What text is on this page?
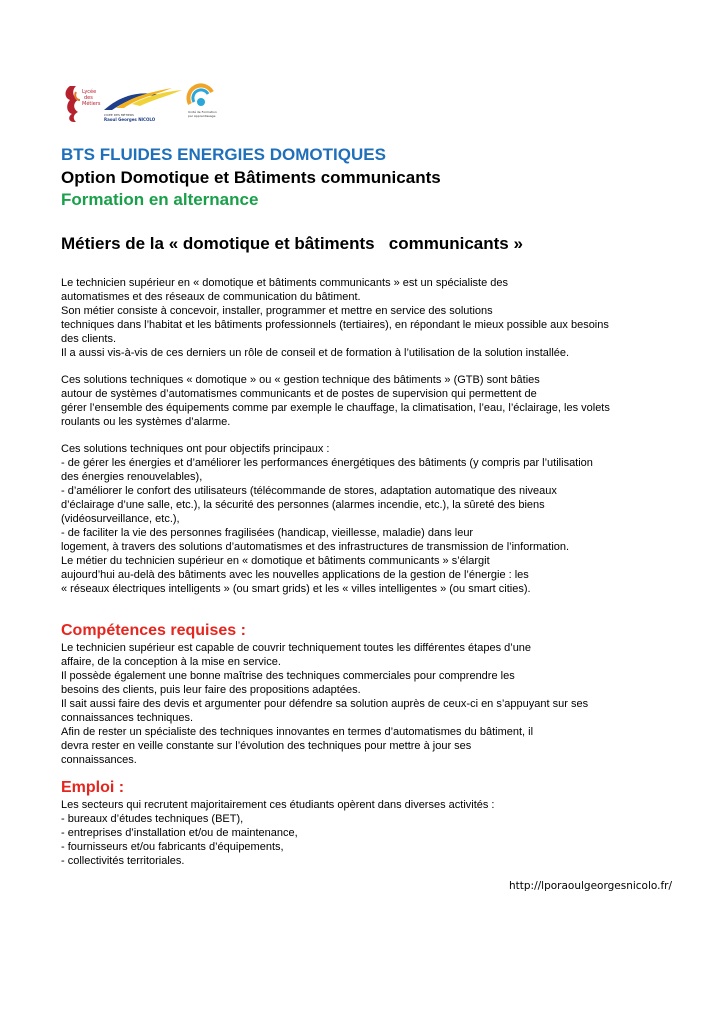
Lycée
des
Métiers
LYCÉE DES MÉTIERS
Raoul Georges NICOLO
Unité de Formation
par Apprentissage
BTS FLUIDES ENERGIES DOMOTIQUES
Option Domotique et Bâtiments communicants
Formation en alternance
Métiers de la « domotique et bâtiments   communicants »
Le technicien supérieur en « domotique et bâtiments communicants » est un spécialiste des
automatismes et des réseaux de communication du bâtiment.
Son métier consiste à concevoir, installer, programmer et mettre en service des solutions
techniques dans l’habitat et les bâtiments professionnels (tertiaires), en répondant le mieux possible aux besoins
des clients.
Il a aussi vis-à-vis de ces derniers un rôle de conseil et de formation à l’utilisation de la solution installée.
Ces solutions techniques « domotique » ou « gestion technique des bâtiments » (GTB) sont bâties
autour de systèmes d’automatismes communicants et de postes de supervision qui permettent de
gérer l’ensemble des équipements comme par exemple le chauffage, la climatisation, l’eau, l’éclairage, les volets
roulants ou les systèmes d’alarme.
Ces solutions techniques ont pour objectifs principaux :
- de gérer les énergies et d’améliorer les performances énergétiques des bâtiments (y compris par l’utilisation
des énergies renouvelables),
- d’améliorer le confort des utilisateurs (télécommande de stores, adaptation automatique des niveaux
d’éclairage d’une salle, etc.), la sécurité des personnes (alarmes incendie, etc.), la sûreté des biens
(vidéosurveillance, etc.),
- de faciliter la vie des personnes fragilisées (handicap, vieillesse, maladie) dans leur
logement, à travers des solutions d’automatismes et des infrastructures de transmission de l’information.
Le métier du technicien supérieur en « domotique et bâtiments communicants » s’élargit
aujourd’hui au-delà des bâtiments avec les nouvelles applications de la gestion de l’énergie : les
« réseaux électriques intelligents » (ou smart grids) et les « villes intelligentes » (ou smart cities).
Compétences requises :
Le technicien supérieur est capable de couvrir techniquement toutes les différentes étapes d’une
affaire, de la conception à la mise en service.
Il possède également une bonne maîtrise des techniques commerciales pour comprendre les
besoins des clients, puis leur faire des propositions adaptées.
Il sait aussi faire des devis et argumenter pour défendre sa solution auprès de ceux-ci en s’appuyant sur ses
connaissances techniques.
Afin de rester un spécialiste des techniques innovantes en termes d’automatismes du bâtiment, il
devra rester en veille constante sur l’évolution des techniques pour mettre à jour ses
connaissances.
Emploi :
Les secteurs qui recrutent majoritairement ces étudiants opèrent dans diverses activités :
- bureaux d’études techniques (BET),
- entreprises d’installation et/ou de maintenance,
- fournisseurs et/ou fabricants d’équipements,
- collectivités territoriales.
http://lporaoulgeorgesnicolo.fr/
